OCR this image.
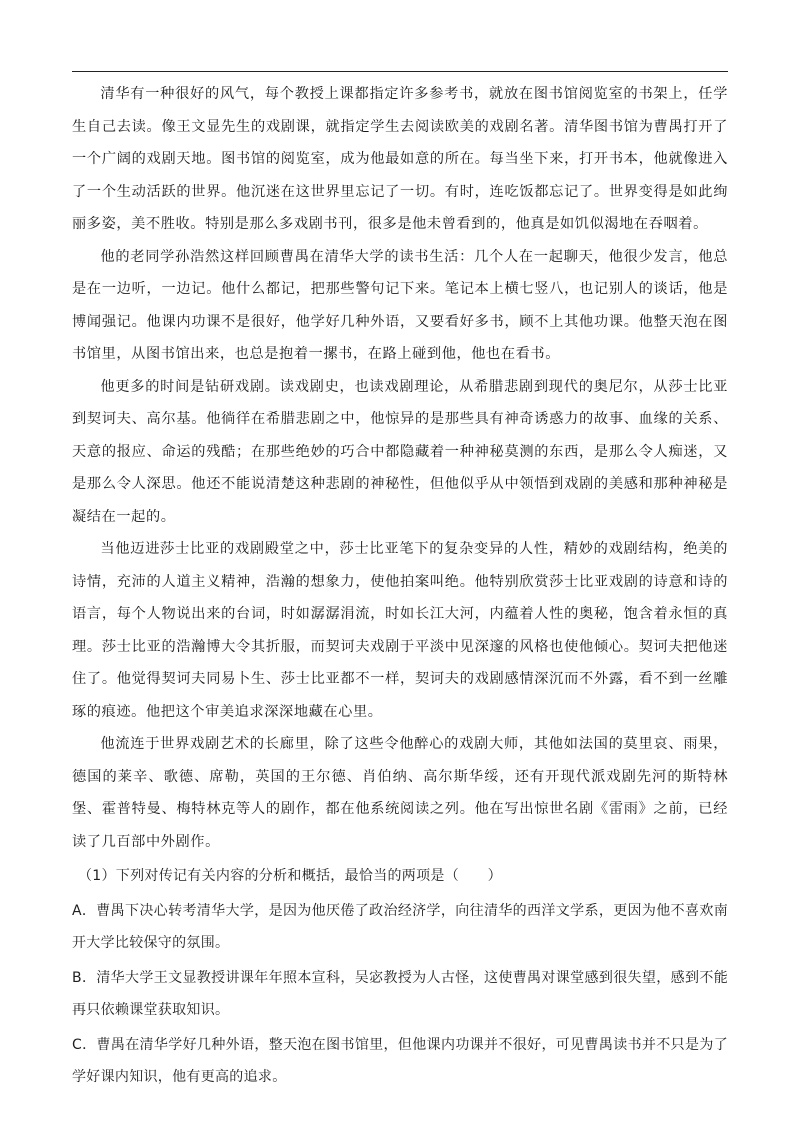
清华有一种很好的风气，每个教授上课都指定许多参考书，就放在图书馆阅览室的书架上，任学生自己去读。像王文显先生的戏剧课，就指定学生去阅读欧美的戏剧名著。清华图书馆为曹禺打开了一个广阔的戏剧天地。图书馆的阅览室，成为他最如意的所在。每当坐下来，打开书本，他就像进入了一个生动活跃的世界。他沉迷在这世界里忘记了一切。有时，连吃饭都忘记了。世界变得是如此绚丽多姿，美不胜收。特别是那么多戏剧书刊，很多是他未曾看到的，他真是如饥似渴地在吞咽着。

他的老同学孙浩然这样回顾曹禺在清华大学的读书生活：几个人在一起聊天，他很少发言，他总是在一边听，一边记。他什么都记，把那些警句记下来。笔记本上横七竖八，也记别人的谈话，他是博闻强记。他课内功课不是很好，他学好几种外语，又要看好多书，顾不上其他功课。他整天泡在图书馆里，从图书馆出来，也总是抱着一摞书，在路上碰到他，他也在看书。

他更多的时间是钻研戏剧。读戏剧史，也读戏剧理论，从希腊悲剧到现代的奥尼尔，从莎士比亚到契诃夫、高尔基。他徜徉在希腊悲剧之中，他惊异的是那些具有神奇诱惑力的故事、血缘的关系、天意的报应、命运的残酷；在那些绝妙的巧合中都隐藏着一种神秘莫测的东西，是那么令人痴迷，又是那么令人深思。他还不能说清楚这种悲剧的神秘性，但他似乎从中领悟到戏剧的美感和那种神秘是凝结在一起的。

当他迈进莎士比亚的戏剧殿堂之中，莎士比亚笔下的复杂变异的人性，精妙的戏剧结构，绝美的诗情，充沛的人道主义精神，浩瀚的想象力，使他拍案叫绝。他特别欣赏莎士比亚戏剧的诗意和诗的语言，每个人物说出来的台词，时如潺潺涓流，时如长江大河，内蕴着人性的奥秘，饱含着永恒的真理。莎士比亚的浩瀚博大令其折服，而契诃夫戏剧于平淡中见深邃的风格也使他倾心。契诃夫把他迷住了。他觉得契诃夫同易卜生、莎士比亚都不一样，契诃夫的戏剧感情深沉而不外露，看不到一丝雕琢的痕迹。他把这个审美追求深深地藏在心里。

他流连于世界戏剧艺术的长廊里，除了这些令他醉心的戏剧大师，其他如法国的莫里哀、雨果，德国的莱辛、歌德、席勒，英国的王尔德、肖伯纳、高尔斯华绥，还有开现代派戏剧先河的斯特林堡、霍普特曼、梅特林克等人的剧作，都在他系统阅读之列。他在写出惊世名剧《雷雨》之前，已经读了几百部中外剧作。

（1）下列对传记有关内容的分析和概括，最恰当的两项是（　　）

A．曹禺下决心转考清华大学，是因为他厌倦了政治经济学，向往清华的西洋文学系，更因为他不喜欢南开大学比较保守的氛围。

B．清华大学王文显教授讲课年年照本宣科，吴宓教授为人古怪，这使曹禺对课堂感到很失望，感到不能再只依赖课堂获取知识。

C．曹禺在清华学好几种外语，整天泡在图书馆里，但他课内功课并不很好，可见曹禺读书并不只是为了学好课内知识，他有更高的追求。
